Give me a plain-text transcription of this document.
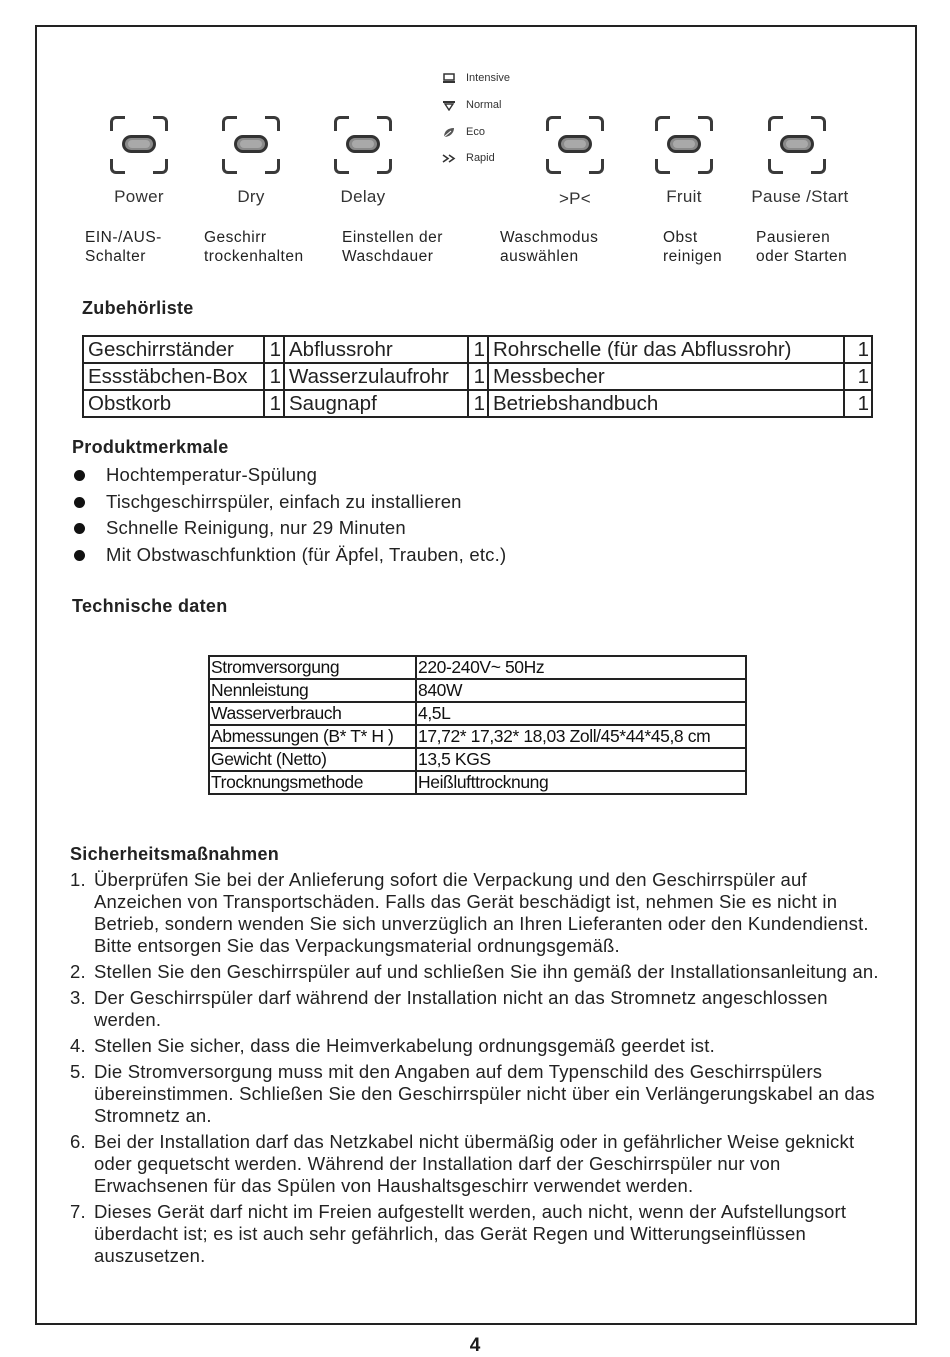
Intensive
Normal
Eco
Rapid
Power	Dry	Delay	>P<	Fruit	Pause /Start
EIN-/AUS-
Schalter
Geschirr
trockenhalten
Einstellen der
Waschdauer
Waschmodus
auswählen
Obst
reinigen
Pausieren
oder Starten
Zubehörliste
Geschirrständer	1	Abflussrohr	1	Rohrschelle (für das Abflussrohr)	1
Essstäbchen-Box	1	Wasserzulaufrohr	1	Messbecher	1
Obstkorb	1	Saugnapf	1	Betriebshandbuch	1
Produktmerkmale
Hochtemperatur-Spülung
Tischgeschirrspüler, einfach zu installieren
Schnelle Reinigung, nur 29 Minuten
Mit Obstwaschfunktion (für Äpfel, Trauben, etc.)
Technische daten
Stromversorgung	220-240V~ 50Hz
Nennleistung	840W
Wasserverbrauch	4,5L
Abmessungen (B* T* H )	17,72* 17,32* 18,03 Zoll/45*44*45,8 cm
Gewicht (Netto)	13,5 KGS
Trocknungsmethode	Heißlufttrocknung
Sicherheitsmaßnahmen
1. Überprüfen Sie bei der Anlieferung sofort die Verpackung und den Geschirrspüler auf Anzeichen von Transportschäden. Falls das Gerät beschädigt ist, nehmen Sie es nicht in Betrieb, sondern wenden Sie sich unverzüglich an Ihren Lieferanten oder den Kundendienst. Bitte entsorgen Sie das Verpackungsmaterial ordnungsgemäß.
2. Stellen Sie den Geschirrspüler auf und schließen Sie ihn gemäß der Installationsanleitung an.
3. Der Geschirrspüler darf während der Installation nicht an das Stromnetz angeschlossen werden.
4. Stellen Sie sicher, dass die Heimverkabelung ordnungsgemäß geerdet ist.
5. Die Stromversorgung muss mit den Angaben auf dem Typenschild des Geschirrspülers übereinstimmen. Schließen Sie den Geschirrspüler nicht über ein Verlängerungskabel an das Stromnetz an.
6. Bei der Installation darf das Netzkabel nicht übermäßig oder in gefährlicher Weise geknickt oder gequetscht werden. Während der Installation darf der Geschirrspüler nur von Erwachsenen für das Spülen von Haushaltsgeschirr verwendet werden.
7. Dieses Gerät darf nicht im Freien aufgestellt werden, auch nicht, wenn der Aufstellungsort überdacht ist; es ist auch sehr gefährlich, das Gerät Regen und Witterungseinflüssen auszusetzen.
4
